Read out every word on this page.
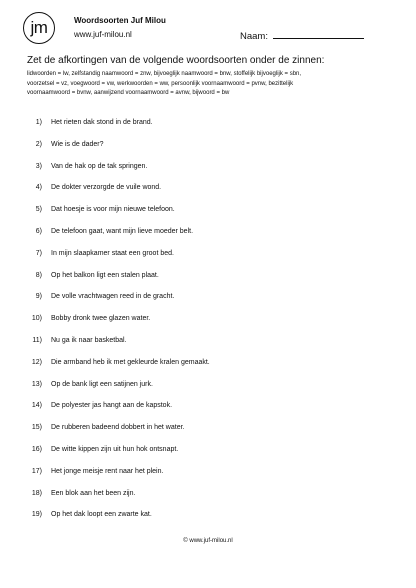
jm	Woordsoorten Juf Milou
www.juf-milou.nl	Naam:
Zet de afkortingen van de volgende woordsoorten onder de zinnen:
lidwoorden = lw, zelfstandig naamwoord = znw, bijvoeglijk naamwoord = bnw, stoffelijk bijvoeglijk = sbn,
voorzetsel = vz, voegwoord = vw, werkwoorden = ww, persoonlijk voornaamwoord = pvnw, bezittelijk
voornaamwoord = bvnw, aanwijzend voornaamwoord = avnw, bijwoord = bw
1) Het rieten dak stond in de brand.
2) Wie is de dader?
3) Van de hak op de tak springen.
4) De dokter verzorgde de vuile wond.
5) Dat hoesje is voor mijn nieuwe telefoon.
6) De telefoon gaat, want mijn lieve moeder belt.
7) In mijn slaapkamer staat een groot bed.
8) Op het balkon ligt een stalen plaat.
9) De volle vrachtwagen reed in de gracht.
10) Bobby dronk twee glazen water.
11) Nu ga ik naar basketbal.
12) Die armband heb ik met gekleurde kralen gemaakt.
13) Op de bank ligt een satijnen jurk.
14) De polyester jas hangt aan de kapstok.
15) De rubberen badeend dobbert in het water.
16) De witte kippen zijn uit hun hok ontsnapt.
17) Het jonge meisje rent naar het plein.
18) Een blok aan het been zijn.
19) Op het dak loopt een zwarte kat.
© www.juf-milou.nl
